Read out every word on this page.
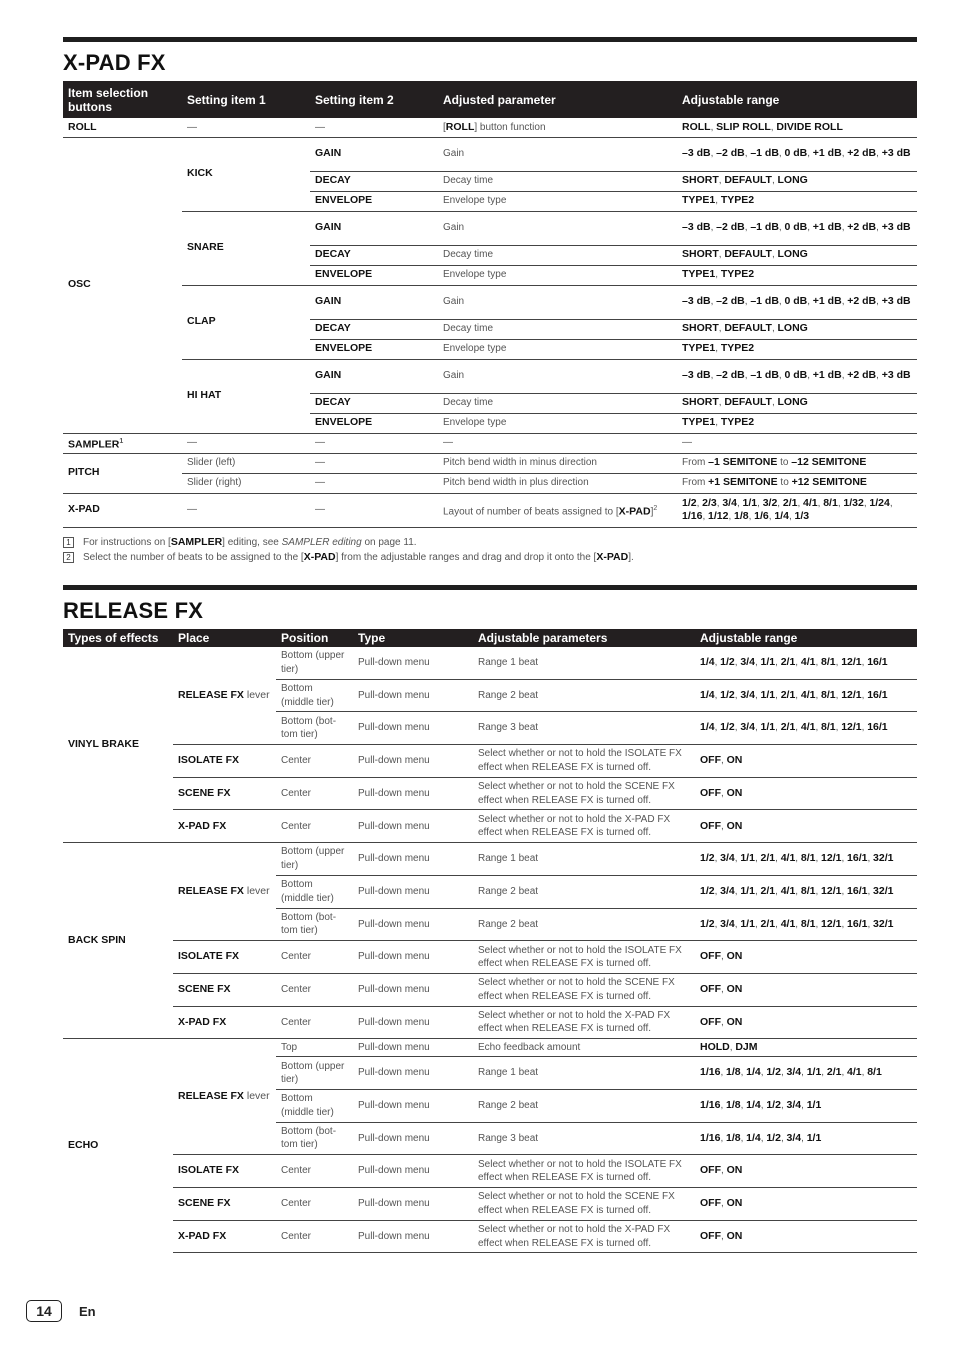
X-PAD FX
Item selection buttons	Setting item 1	Setting item 2	Adjusted parameter	Adjustable range
ROLL	—	—	[ROLL] button function	ROLL, SLIP ROLL, DIVIDE ROLL
OSC	KICK	GAIN	Gain	–3 dB, –2 dB, –1 dB, 0 dB, +1 dB, +2 dB, +3 dB
		DECAY	Decay time	SHORT, DEFAULT, LONG
		ENVELOPE	Envelope type	TYPE1, TYPE2
	SNARE	GAIN	Gain	–3 dB, –2 dB, –1 dB, 0 dB, +1 dB, +2 dB, +3 dB
		DECAY	Decay time	SHORT, DEFAULT, LONG
		ENVELOPE	Envelope type	TYPE1, TYPE2
	CLAP	GAIN	Gain	–3 dB, –2 dB, –1 dB, 0 dB, +1 dB, +2 dB, +3 dB
		DECAY	Decay time	SHORT, DEFAULT, LONG
		ENVELOPE	Envelope type	TYPE1, TYPE2
	HI HAT	GAIN	Gain	–3 dB, –2 dB, –1 dB, 0 dB, +1 dB, +2 dB, +3 dB
		DECAY	Decay time	SHORT, DEFAULT, LONG
		ENVELOPE	Envelope type	TYPE1, TYPE2
SAMPLER$^1$	—	—	—	—
PITCH	Slider (left)	—	Pitch bend width in minus direction	From –1 SEMITONE to –12 SEMITONE
	Slider (right)	—	Pitch bend width in plus direction	From +1 SEMITONE to +12 SEMITONE
X-PAD	—	—	Layout of number of beats assigned to $[X-PAD]^2$	1/2, 2/3, 3/4, 1/1, 3/2, 2/1, 4/1, 8/1, 1/32, 1/24, 1/16, 1/12, 1/8, 1/6, 1/4, 1/3
1 For instructions on [SAMPLER] editing, see SAMPLER editing on page 11.
2 Select the number of beats to be assigned to the [X-PAD] from the adjustable ranges and drag and drop it onto the [X-PAD].
RELEASE FX
Types of effects	Place	Position	Type	Adjustable parameters	Adjustable range
VINYL BRAKE	RELEASE FX lever	Bottom (upper tier)	Pull-down menu	Range 1 beat	1/4, 1/2, 3/4, 1/1, 2/1, 4/1, 8/1, 12/1, 16/1
		Bottom (middle tier)	Pull-down menu	Range 2 beat	1/4, 1/2, 3/4, 1/1, 2/1, 4/1, 8/1, 12/1, 16/1
		Bottom (bot-tom tier)	Pull-down menu	Range 3 beat	1/4, 1/2, 3/4, 1/1, 2/1, 4/1, 8/1, 12/1, 16/1
	ISOLATE FX	Center	Pull-down menu	Select whether or not to hold the ISOLATE FX effect when RELEASE FX is turned off.	OFF, ON
	SCENE FX	Center	Pull-down menu	Select whether or not to hold the SCENE FX effect when RELEASE FX is turned off.	OFF, ON
	X-PAD FX	Center	Pull-down menu	Select whether or not to hold the X-PAD FX effect when RELEASE FX is turned off.	OFF, ON
BACK SPIN	RELEASE FX lever	Bottom (upper tier)	Pull-down menu	Range 1 beat	1/2, 3/4, 1/1, 2/1, 4/1, 8/1, 12/1, 16/1, 32/1
		Bottom (middle tier)	Pull-down menu	Range 2 beat	1/2, 3/4, 1/1, 2/1, 4/1, 8/1, 12/1, 16/1, 32/1
		Bottom (bot-tom tier)	Pull-down menu	Range 2 beat	1/2, 3/4, 1/1, 2/1, 4/1, 8/1, 12/1, 16/1, 32/1
	ISOLATE FX	Center	Pull-down menu	Select whether or not to hold the ISOLATE FX effect when RELEASE FX is turned off.	OFF, ON
	SCENE FX	Center	Pull-down menu	Select whether or not to hold the SCENE FX effect when RELEASE FX is turned off.	OFF, ON
	X-PAD FX	Center	Pull-down menu	Select whether or not to hold the X-PAD FX effect when RELEASE FX is turned off.	OFF, ON
ECHO	RELEASE FX lever	Top	Pull-down menu	Echo feedback amount	HOLD, DJM
		Bottom (upper tier)	Pull-down menu	Range 1 beat	1/16, 1/8, 1/4, 1/2, 3/4, 1/1, 2/1, 4/1, 8/1
		Bottom (middle tier)	Pull-down menu	Range 2 beat	1/16, 1/8, 1/4, 1/2, 3/4, 1/1
		Bottom (bot-tom tier)	Pull-down menu	Range 3 beat	1/16, 1/8, 1/4, 1/2, 3/4, 1/1
	ISOLATE FX	Center	Pull-down menu	Select whether or not to hold the ISOLATE FX effect when RELEASE FX is turned off.	OFF, ON
	SCENE FX	Center	Pull-down menu	Select whether or not to hold the SCENE FX effect when RELEASE FX is turned off.	OFF, ON
	X-PAD FX	Center	Pull-down menu	Select whether or not to hold the X-PAD FX effect when RELEASE FX is turned off.	OFF, ON
14	En
